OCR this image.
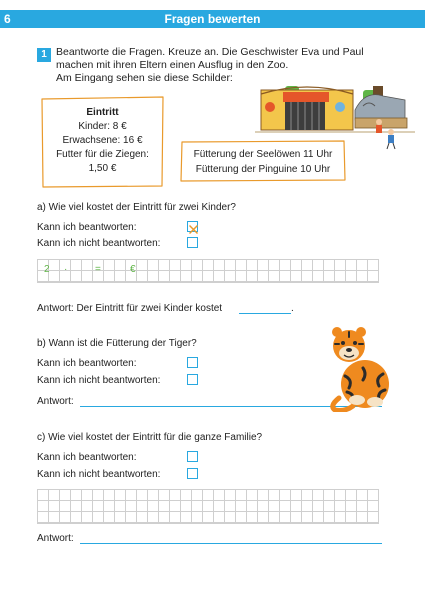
6	Fragen bewerten
1 Beantworte die Fragen. Kreuze an. Die Geschwister Eva und Paul
machen mit ihren Eltern einen Ausflug in den Zoo.
Am Eingang sehen sie diese Schilder:
Eintritt
Kinder: 8 €
Erwachsene: 16 €
Futter für die Ziegen:
1,50 €
Fütterung der Seelöwen 11 Uhr
Fütterung der Pinguine 10 Uhr
a) Wie viel kostet der Eintritt für zwei Kinder?
Kann ich beantworten:
Kann ich nicht beantworten:
2 ·	=	€
Antwort: Der Eintritt für zwei Kinder kostet	.
b) Wann ist die Fütterung der Tiger?
Kann ich beantworten:
Kann ich nicht beantworten:
Antwort:
c) Wie viel kostet der Eintritt für die ganze Familie?
Kann ich beantworten:
Kann ich nicht beantworten:
Antwort:
